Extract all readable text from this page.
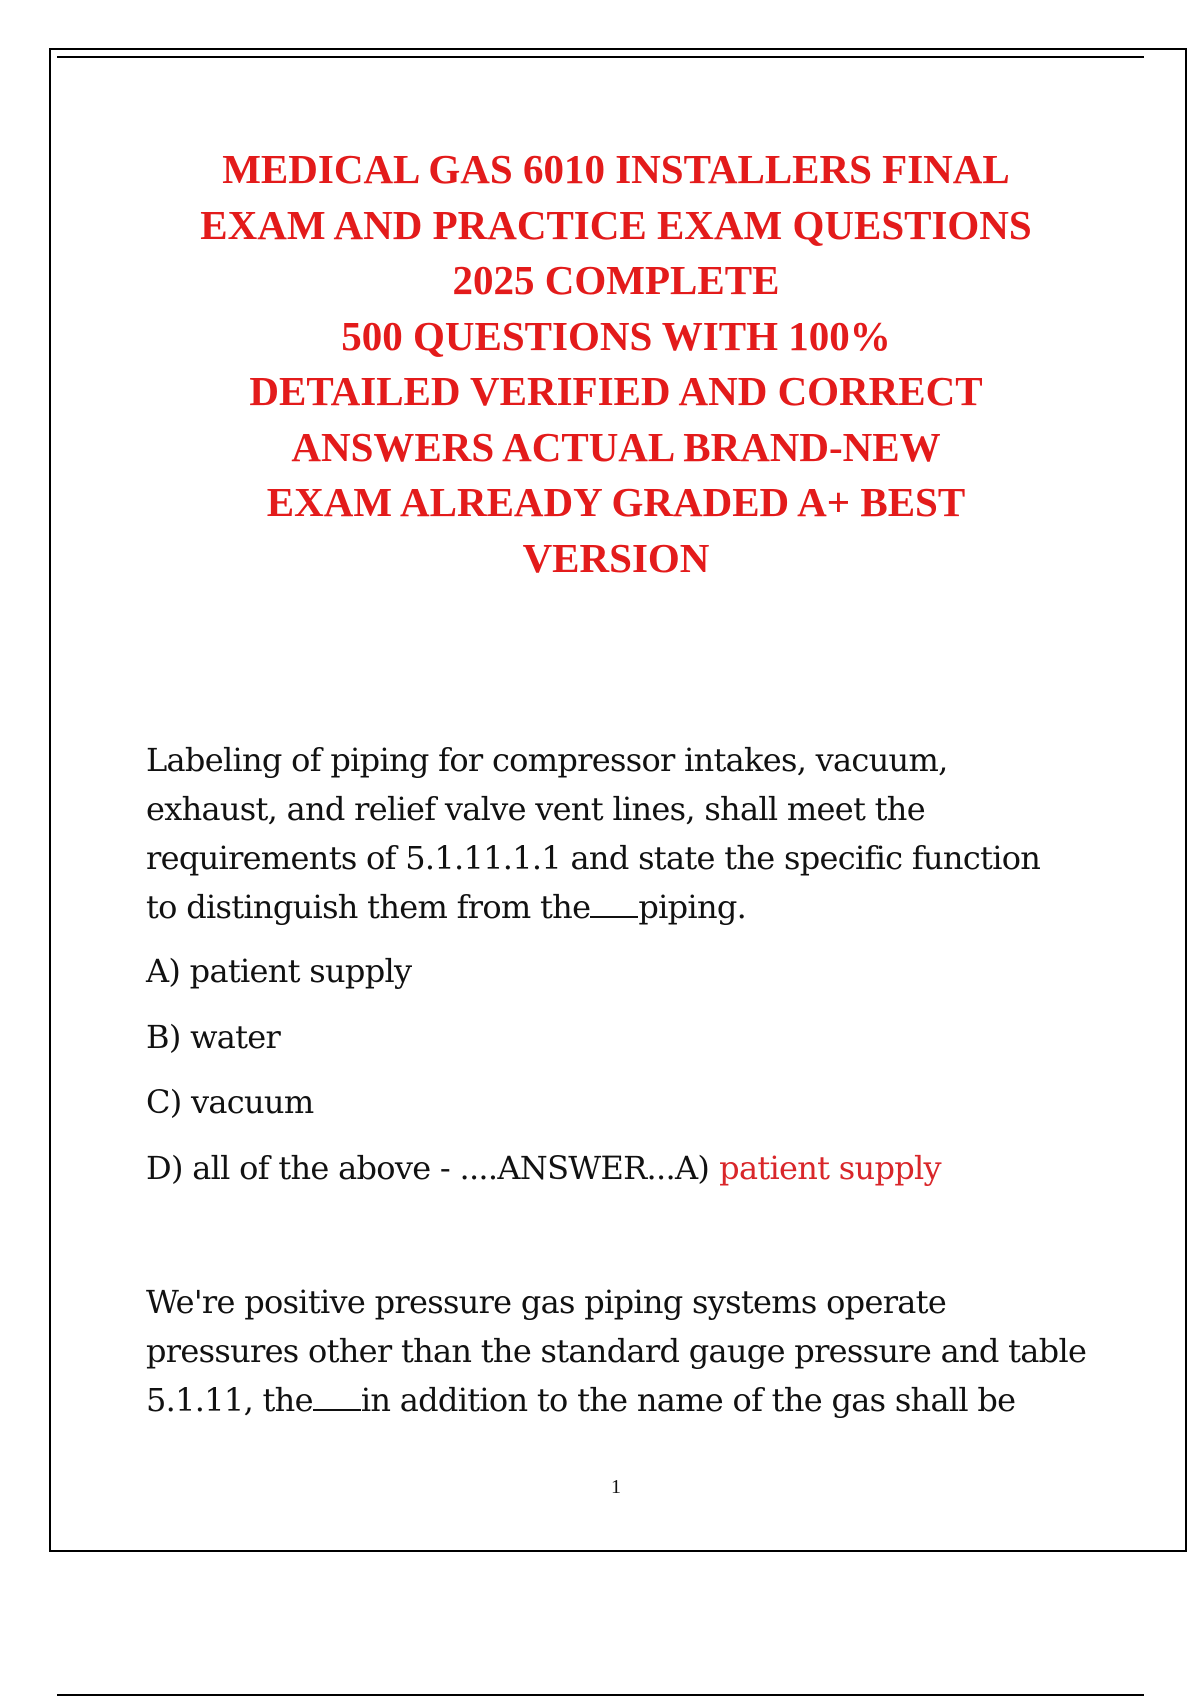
MEDICAL GAS 6010 INSTALLERS FINAL
EXAM AND PRACTICE EXAM QUESTIONS
2025 COMPLETE
500 QUESTIONS WITH 100%
DETAILED VERIFIED AND CORRECT
ANSWERS ACTUAL BRAND-NEW
EXAM ALREADY GRADED A+ BEST
VERSION
Labeling of piping for compressor intakes, vacuum,
exhaust, and relief valve vent lines, shall meet the
requirements of 5.1.11.1.1 and state the specific function
to distinguish them from the piping.
A) patient supply
B) water
C) vacuum
D) all of the above - ....ANSWER...A) patient supply
We're positive pressure gas piping systems operate
pressures other than the standard gauge pressure and table
5.1.11, the in addition to the name of the gas shall be
1
